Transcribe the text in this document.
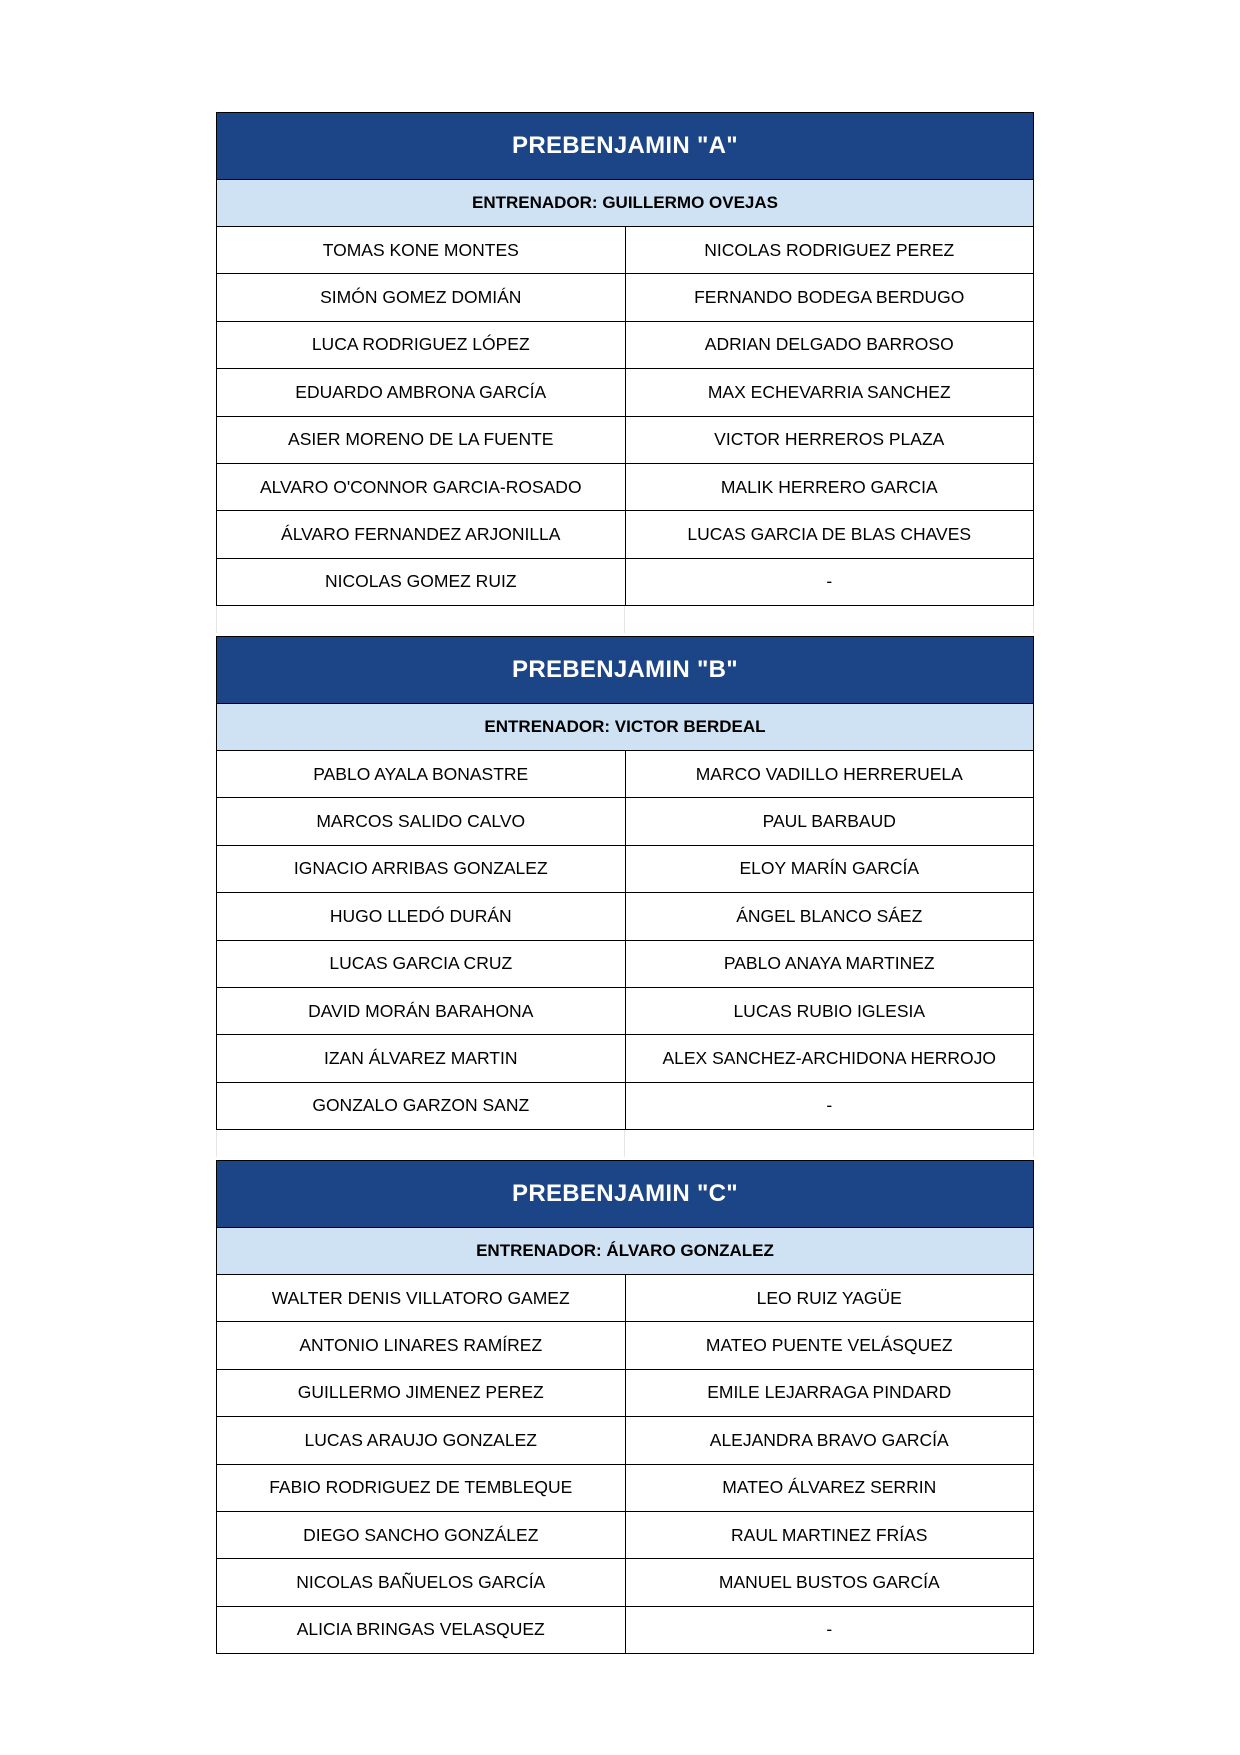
PREBENJAMIN "A"
ENTRENADOR: GUILLERMO OVEJAS
TOMAS KONE MONTES	NICOLAS RODRIGUEZ PEREZ
SIMÓN GOMEZ DOMIÁN	FERNANDO BODEGA BERDUGO
LUCA RODRIGUEZ LÓPEZ	ADRIAN DELGADO BARROSO
EDUARDO AMBRONA GARCÍA	MAX ECHEVARRIA SANCHEZ
ASIER MORENO DE LA FUENTE	VICTOR HERREROS PLAZA
ALVARO O'CONNOR GARCIA-ROSADO	MALIK HERRERO GARCIA
ÁLVARO FERNANDEZ ARJONILLA	LUCAS GARCIA DE BLAS CHAVES
NICOLAS GOMEZ RUIZ	-
PREBENJAMIN "B"
ENTRENADOR: VICTOR BERDEAL
PABLO AYALA BONASTRE	MARCO VADILLO HERRERUELA
MARCOS SALIDO CALVO	PAUL BARBAUD
IGNACIO ARRIBAS GONZALEZ	ELOY MARÍN GARCÍA
HUGO LLEDÓ DURÁN	ÁNGEL BLANCO SÁEZ
LUCAS GARCIA CRUZ	PABLO ANAYA MARTINEZ
DAVID MORÁN BARAHONA	LUCAS RUBIO IGLESIA
IZAN ÁLVAREZ MARTIN	ALEX SANCHEZ-ARCHIDONA HERROJO
GONZALO GARZON SANZ	-
PREBENJAMIN "C"
ENTRENADOR: ÁLVARO GONZALEZ
WALTER DENIS VILLATORO GAMEZ	LEO RUIZ YAGÜE
ANTONIO LINARES RAMÍREZ	MATEO PUENTE VELÁSQUEZ
GUILLERMO JIMENEZ PEREZ	EMILE LEJARRAGA PINDARD
LUCAS ARAUJO GONZALEZ	ALEJANDRA BRAVO GARCÍA
FABIO RODRIGUEZ DE TEMBLEQUE	MATEO ÁLVAREZ SERRIN
DIEGO SANCHO GONZÁLEZ	RAUL MARTINEZ FRÍAS
NICOLAS BAÑUELOS GARCÍA	MANUEL BUSTOS GARCÍA
ALICIA BRINGAS VELASQUEZ	-
